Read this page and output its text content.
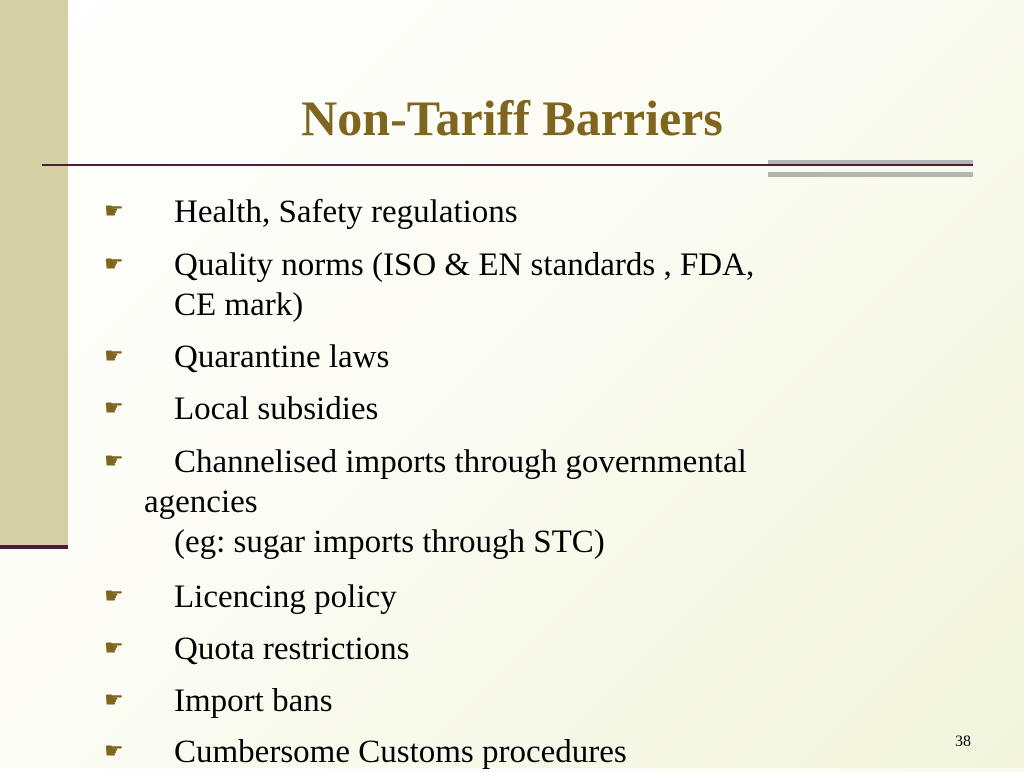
Non-Tariff Barriers
☛ Health, Safety regulations
☛ Quality norms (ISO & EN standards , FDA,
CE mark)
☛ Quarantine laws
☛ Local subsidies
☛ Channelised imports through governmental
agencies
(eg: sugar imports through STC)
☛ Licencing policy
☛ Quota restrictions
☛ Import bans
☛ Cumbersome Customs procedures	38
